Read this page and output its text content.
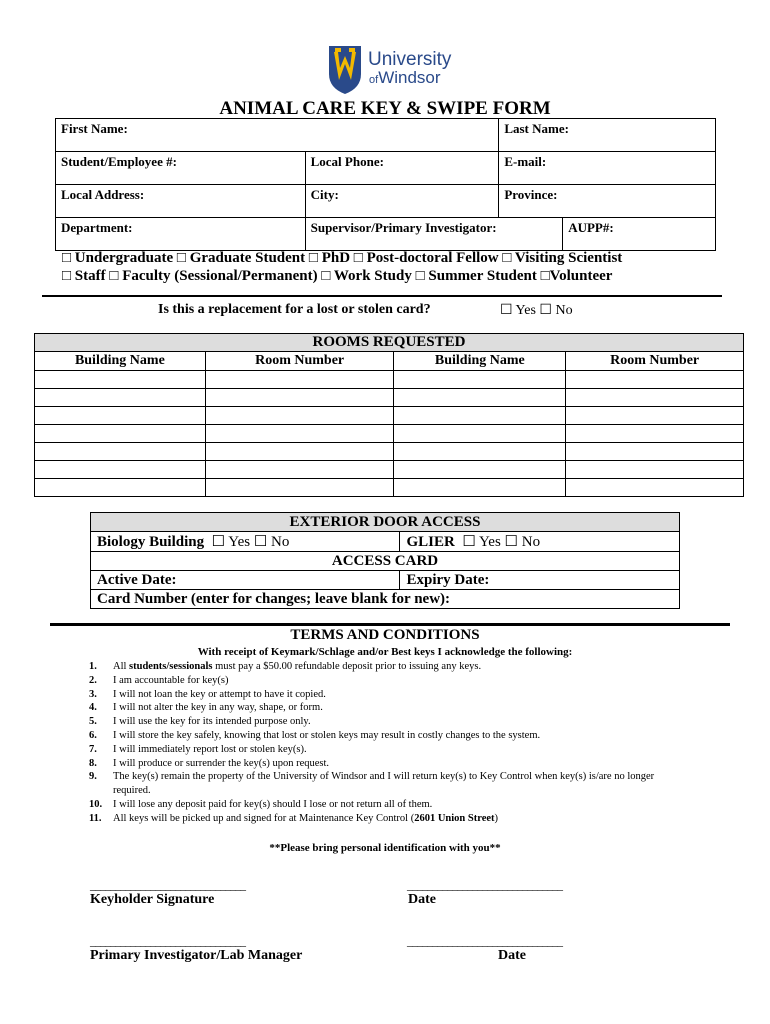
University
ofWindsor
ANIMAL CARE KEY & SWIPE FORM
First Name:		Last Name:	
Student/Employee #:	Local Phone:	E-mail:	
Local Address:	City:	Province:	
Department:	Supervisor/Primary Investigator:		AUPP#:
□ Undergraduate □ Graduate Student □ PhD □ Post-doctoral Fellow □ Visiting Scientist
□ Staff □ Faculty (Sessional/Permanent) □ Work Study □ Summer Student □Volunteer
Is this a replacement for a lost or stolen card?	☐ Yes ☐ No
ROOMS REQUESTED			
Building Name	Room Number	Building Name	Room Number

EXTERIOR DOOR ACCESS	
Biology Building ☐ Yes ☐ No	GLIER ☐ Yes ☐ No
ACCESS CARD	
Active Date:	Expiry Date:
Card Number (enter for changes; leave blank for new):	
TERMS AND CONDITIONS
With receipt of Keymark/Schlage and/or Best keys I acknowledge the following:
1.	All students/sessionals must pay a $50.00 refundable deposit prior to issuing any keys.
2.	I am accountable for key(s)
3.	I will not loan the key or attempt to have it copied.
4.	I will not alter the key in any way, shape, or form.
5.	I will use the key for its intended purpose only.
6.	I will store the key safely, knowing that lost or stolen keys may result in costly changes to the system.
7.	I will immediately report lost or stolen key(s).
8.	I will produce or surrender the key(s) upon request.
9.	The key(s) remain the property of the University of Windsor and I will return key(s) to Key Control when key(s) is/are no longer required.
10.	I will lose any deposit paid for key(s) should I lose or not return all of them.
11.	All keys will be picked up and signed for at Maintenance Key Control (2601 Union Street)
**Please bring personal identification with you**
_______________________________	_______________________________
Keyholder Signature	Date
_______________________________	_______________________________
Primary Investigator/Lab Manager	Date
